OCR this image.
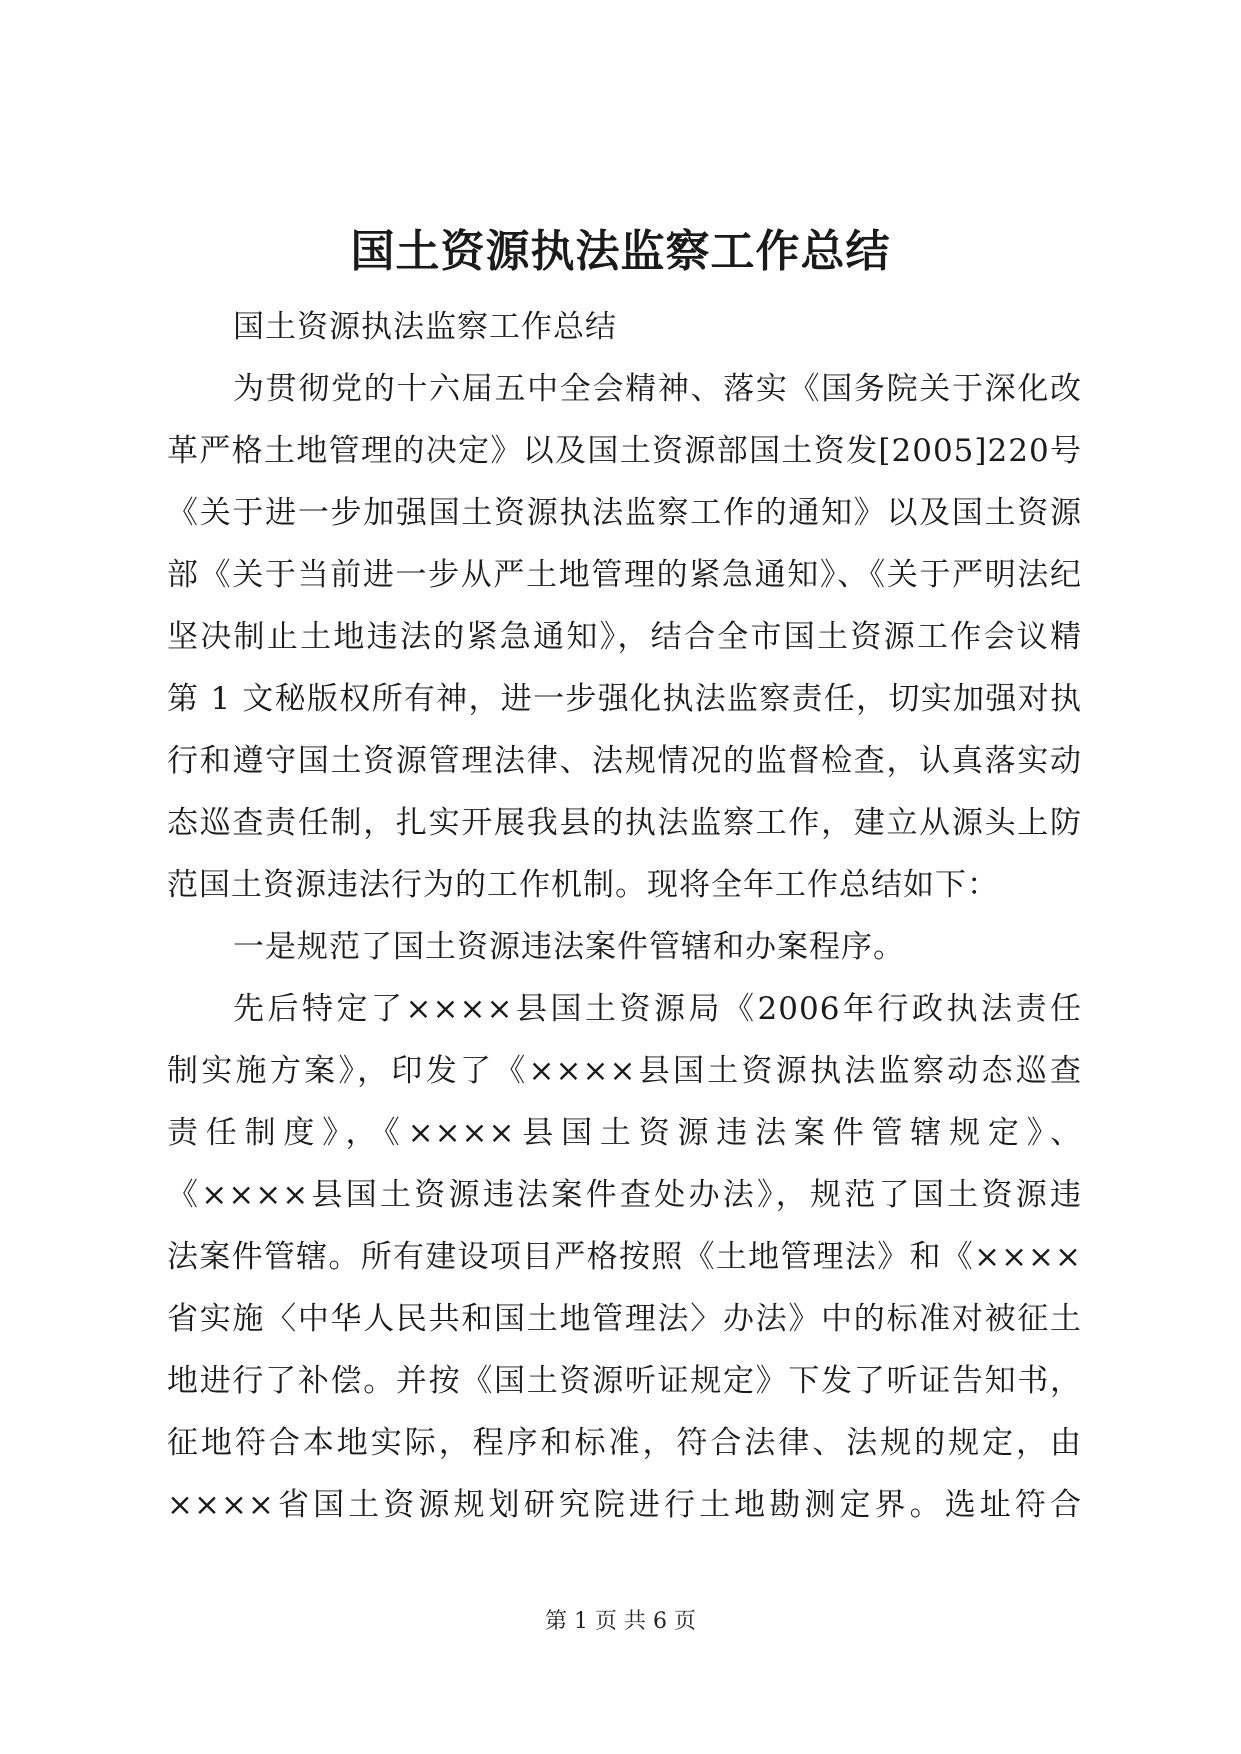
国土资源执法监察工作总结
国土资源执法监察工作总结
为贯彻党的十六届五中全会精神、落实《国务院关于深化改
革严格土地管理的决定》以及国土资源部国土资发[2005]220号
《关于进一步加强国土资源执法监察工作的通知》以及国土资源
部《关于当前进一步从严土地管理的紧急通知》、《关于严明法纪
坚决制止土地违法的紧急通知》，结合全市国土资源工作会议精
第 1 文秘版权所有神，进一步强化执法监察责任，切实加强对执
行和遵守国土资源管理法律、法规情况的监督检查，认真落实动
态巡查责任制，扎实开展我县的执法监察工作，建立从源头上防
范国土资源违法行为的工作机制。现将全年工作总结如下：
一是规范了国土资源违法案件管辖和办案程序。
先后特定了××××县国土资源局《2006年行政执法责任
制实施方案》，印发了《××××县国土资源执法监察动态巡查
责任制度》，《××××县国土资源违法案件管辖规定》、
《××××县国土资源违法案件查处办法》，规范了国土资源违
法案件管辖。所有建设项目严格按照《土地管理法》和《××××
省实施〈中华人民共和国土地管理法〉办法》中的标准对被征土
地进行了补偿。并按《国土资源听证规定》下发了听证告知书，
征地符合本地实际，程序和标准，符合法律、法规的规定，由
××××省国土资源规划研究院进行土地勘测定界。选址符合
第 1 页 共 6 页
